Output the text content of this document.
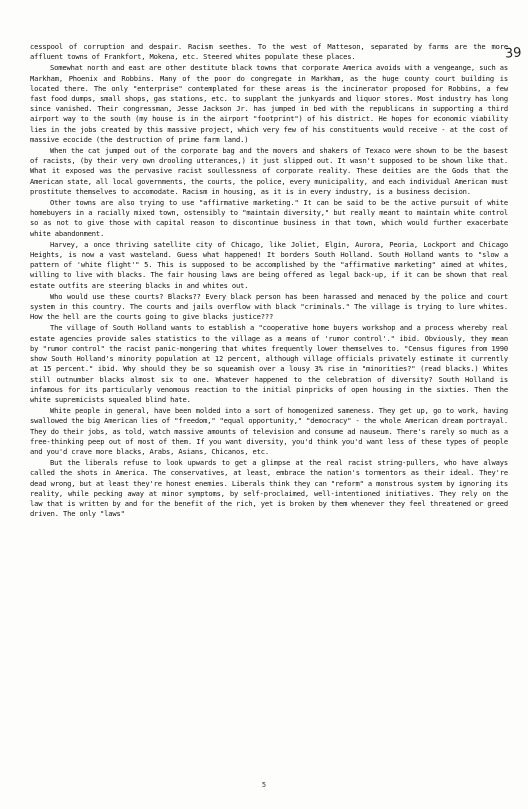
39

cesspool of corruption and despair. Racism seethes. To the west of Matteson, separated by farms are the more affluent towns of Frankfort, Mokena, etc. Steered whites populate these places.

Somewhat north and east are other destitute black towns that corporate America avoids with a vengeange, such as Markham, Phoenix and Robbins. Many of the poor do congregate in Markham, as the huge county court building is located there. The only "enterprise" contemplated for these areas is the incinerator proposed for Robbins, a few fast food dumps, small shops, gas stations, etc. to supplant the junkyards and liquor stores. Most industry has long since vanished. Their congressman, Jesse Jackson Jr. has jumped in bed with the republicans in supporting a third airport way to the south (my house is in the airport "footprint") of his district. He hopes for economic viability lies in the jobs created by this massive project, which very few of his constituents would receive - at the cost of massive ecocide (the destruction of prime farm land.)

When the cat jumped out of the corporate bag and the movers and shakers of Texaco were shown to be the basest of racists, (by their very own drooling utterances,) it just slipped out. It wasn't supposed to be shown like that. What it exposed was the pervasive racist soullessness of corporate reality. These deities are the Gods that the American state, all local governments, the courts, the police, every municipality, and each individual American must prostitute themselves to accomodate. Racism in housing, as it is in every industry, is a business decision.

Other towns are also trying to use "affirmative marketing." It can be said to be the active pursuit of white homebuyers in a racially mixed town, ostensibly to "maintain diversity," but really meant to maintain white control so as not to give those with capital reason to discontinue business in that town, which would further exacerbate white abandonment.

Harvey, a once thriving satellite city of Chicago, like Joliet, Elgin, Aurora, Peoria, Lockport and Chicago Heights, is now a vast wasteland. Guess what happened! It borders South Holland. South Holland wants to "slow a pattern of 'white flight'" 5. This is supposed to be accomplished by the "affirmative marketing" aimed at whites, willing to live with blacks. The fair housing laws are being offered as legal back-up, if it can be shown that real estate outfits are steering blacks in and whites out.

Who would use these courts? Blacks?? Every black person has been harassed and menaced by the police and court system in this country. The courts and jails overflow with black "criminals." The village is trying to lure whites. How the hell are the courts going to give blacks justice???

The village of South Holland wants to establish a "cooperative home buyers workshop and a process whereby real estate agencies provide sales statistics to the village as a means of 'rumor control'." ibid. Obviously, they mean by "rumor control" the racist panic-mongering that whites frequently lower themselves to. "Census figures from 1990 show South Holland's minority population at 12 percent, although village officials privately estimate it currently at 15 percent." ibid. Why should they be so squeamish over a lousy 3% rise in "minorities?" (read blacks.) Whites still outnumber blacks almost six to one. Whatever happened to the celebration of diversity? South Holland is infamous for its particularly venomous reaction to the initial pinpricks of open housing in the sixties. Then the white supremicists squealed blind hate.

White people in general, have been molded into a sort of homogenized sameness. They get up, go to work, having swallowed the big American lies of "freedom," "equal opportunity," "democracy" - the whole American dream portrayal. They do their jobs, as told, watch massive amounts of television and consume ad nauseum. There's rarely so much as a free-thinking peep out of most of them. If you want diversity, you'd think you'd want less of these types of people and you'd crave more blacks, Arabs, Asians, Chicanos, etc.

But the liberals refuse to look upwards to get a glimpse at the real racist string-pullers, who have always called the shots in America. The conservatives, at least, embrace the nation's tormentors as their ideal. They're dead wrong, but at least they're honest enemies. Liberals think they can "reform" a monstrous system by ignoring its reality, while pecking away at minor symptoms, by self-proclaimed, well-intentioned initiatives. They rely on the law that is written by and for the benefit of the rich, yet is broken by them whenever they feel threatened or greed driven. The only "laws"

5
